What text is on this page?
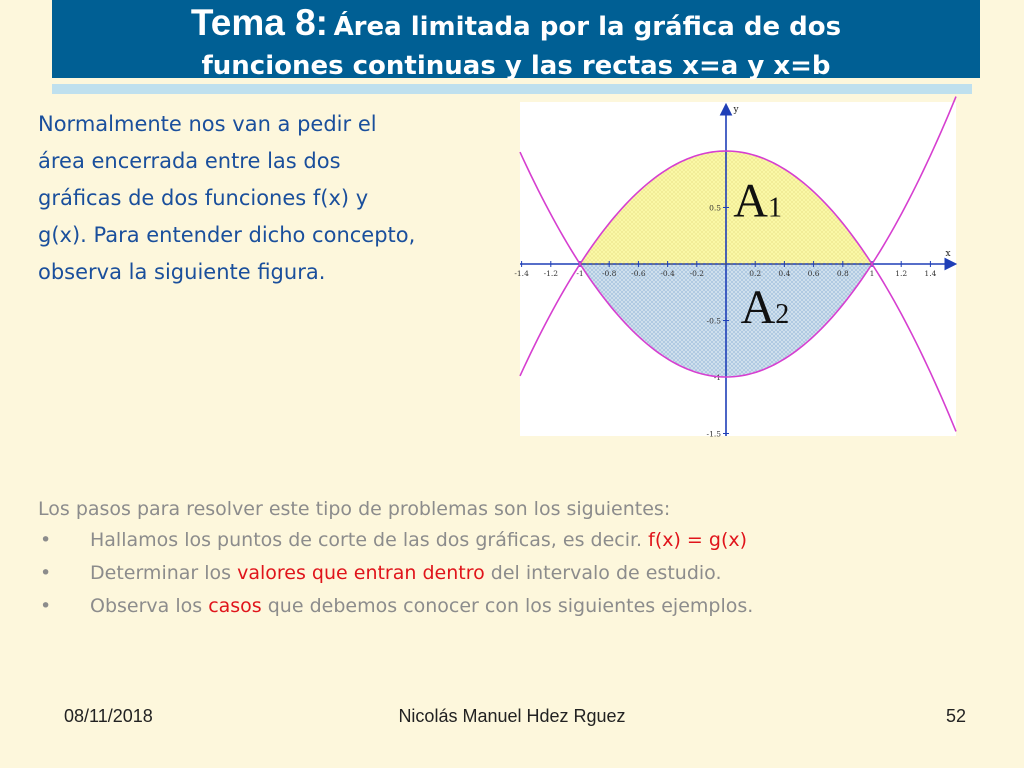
Tema 8: Área limitada por la gráfica de dos
funciones continuas y las rectas x=a y x=b

Normalmente nos van a pedir el
área encerrada entre las dos
gráficas de dos funciones f(x) y
g(x). Para entender dicho concepto,
observa la siguiente figura.	-1.4 -1.2 -1 -0.8 -0.6 -0.4 -0.2	0.2 0.4 0.6 0.8	1	1.2 1.4
0.5
-0.5
-1
-1.5
x
y
A1
A2
Los pasos para resolver este tipo de problemas son los siguientes:
• Hallamos los puntos de corte de las dos gráficas, es decir. f(x) = g(x)
• Determinar los valores que entran dentro del intervalo de estudio.
• Observa los casos que debemos conocer con los siguientes ejemplos.
08/11/2018	Nicolás Manuel Hdez Rguez	52
